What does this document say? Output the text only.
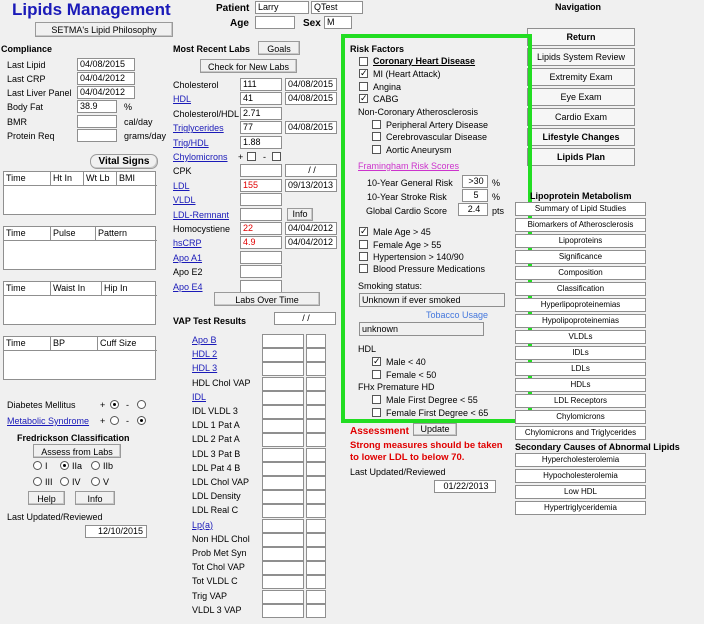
Lipids Management
SETMA's Lipid Philosophy
Patient Larry	QTest
Age	Sex M
Navigation
Return
Lipids System Review
Extremity Exam
Eye Exam
Cardio Exam
Lifestyle Changes
Lipids Plan
Compliance
Last Lipid	04/08/2015
Last CRP	04/04/2012
Last Liver Panel 04/04/2012
Body Fat	38.9	%
BMR	cal/day
Protein Req	grams/day
Vital Signs
Time	Ht In	Wt Lb	BMI
Time	Pulse	Pattern
Time	Waist In	Hip In
Time	BP	Cuff Size
Diabetes Mellitus	+ -
Metabolic Syndrome + -
Fredrickson Classification
Assess from Labs
I	IIa IIb
III IV V
Help	Info
Last Updated/Reviewed
12/10/2015
Most Recent Labs	Goals
Check for New Labs
Cholesterol	111	04/08/2015
HDL	41	04/08/2015
Cholesterol/HDL 2.71
Triglycerides	77	04/08/2015
Trig/HDL	1.88
Chylomicrons + -
CPK	/ /
LDL	155	09/13/2013
VLDL
LDL-Remnant	Info
Homocystiene	22	04/04/2012
hsCRP	4.9	04/04/2012
Apo A1
Apo E2
Apo E4
Labs Over Time
VAP Test Results	/ /
Apo B
HDL 2
HDL 3
HDL Chol VAP
IDL
IDL VLDL 3
LDL 1 Pat A
LDL 2 Pat A
LDL 3 Pat B
LDL Pat 4 B
LDL Chol VAP
LDL Density
LDL Real C
Lp(a)
Non HDL Chol
Prob Met Syn
Tot Chol VAP
Tot VLDL C
Trig VAP
VLDL 3 VAP
Risk Factors
Coronary Heart Disease
✓ MI (Heart Attack)
Angina
✓ CABG
Non-Coronary Atherosclerosis
Peripheral Artery Disease
Cerebrovascular Disease
Aortic Aneurysm
Framingham Risk Scores
10-Year General Risk	>30 %
10-Year Stroke Risk	5	%
Global Cardio Score	2.4	pts
✓ Male Age > 45
Female Age > 55
Hypertension > 140/90
Blood Pressure Medications
Smoking status:
Unknown if ever smoked
Tobacco Usage
unknown
HDL
✓ Male < 40
Female < 50
FHx Premature HD
Male First Degree < 55
Female First Degree < 65
Assessment	Update
Strong measures should be taken to lower LDL to below 70.
Last Updated/Reviewed
01/22/2013
Lipoprotein Metabolism
Summary of Lipid Studies
Biomarkers of Atherosclerosis
Lipoproteins
Significance
Composition
Classification
Hyperlipoproteinemias
Hypolipoproteinemias
VLDLs
IDLs
LDLs
HDLs
LDL Receptors
Chylomicrons
Chylomicrons and Triglycerides
Secondary Causes of Abnormal Lipids
Hypercholesterolemia
Hypocholesterolemia
Low HDL
Hypertriglyceridemia
